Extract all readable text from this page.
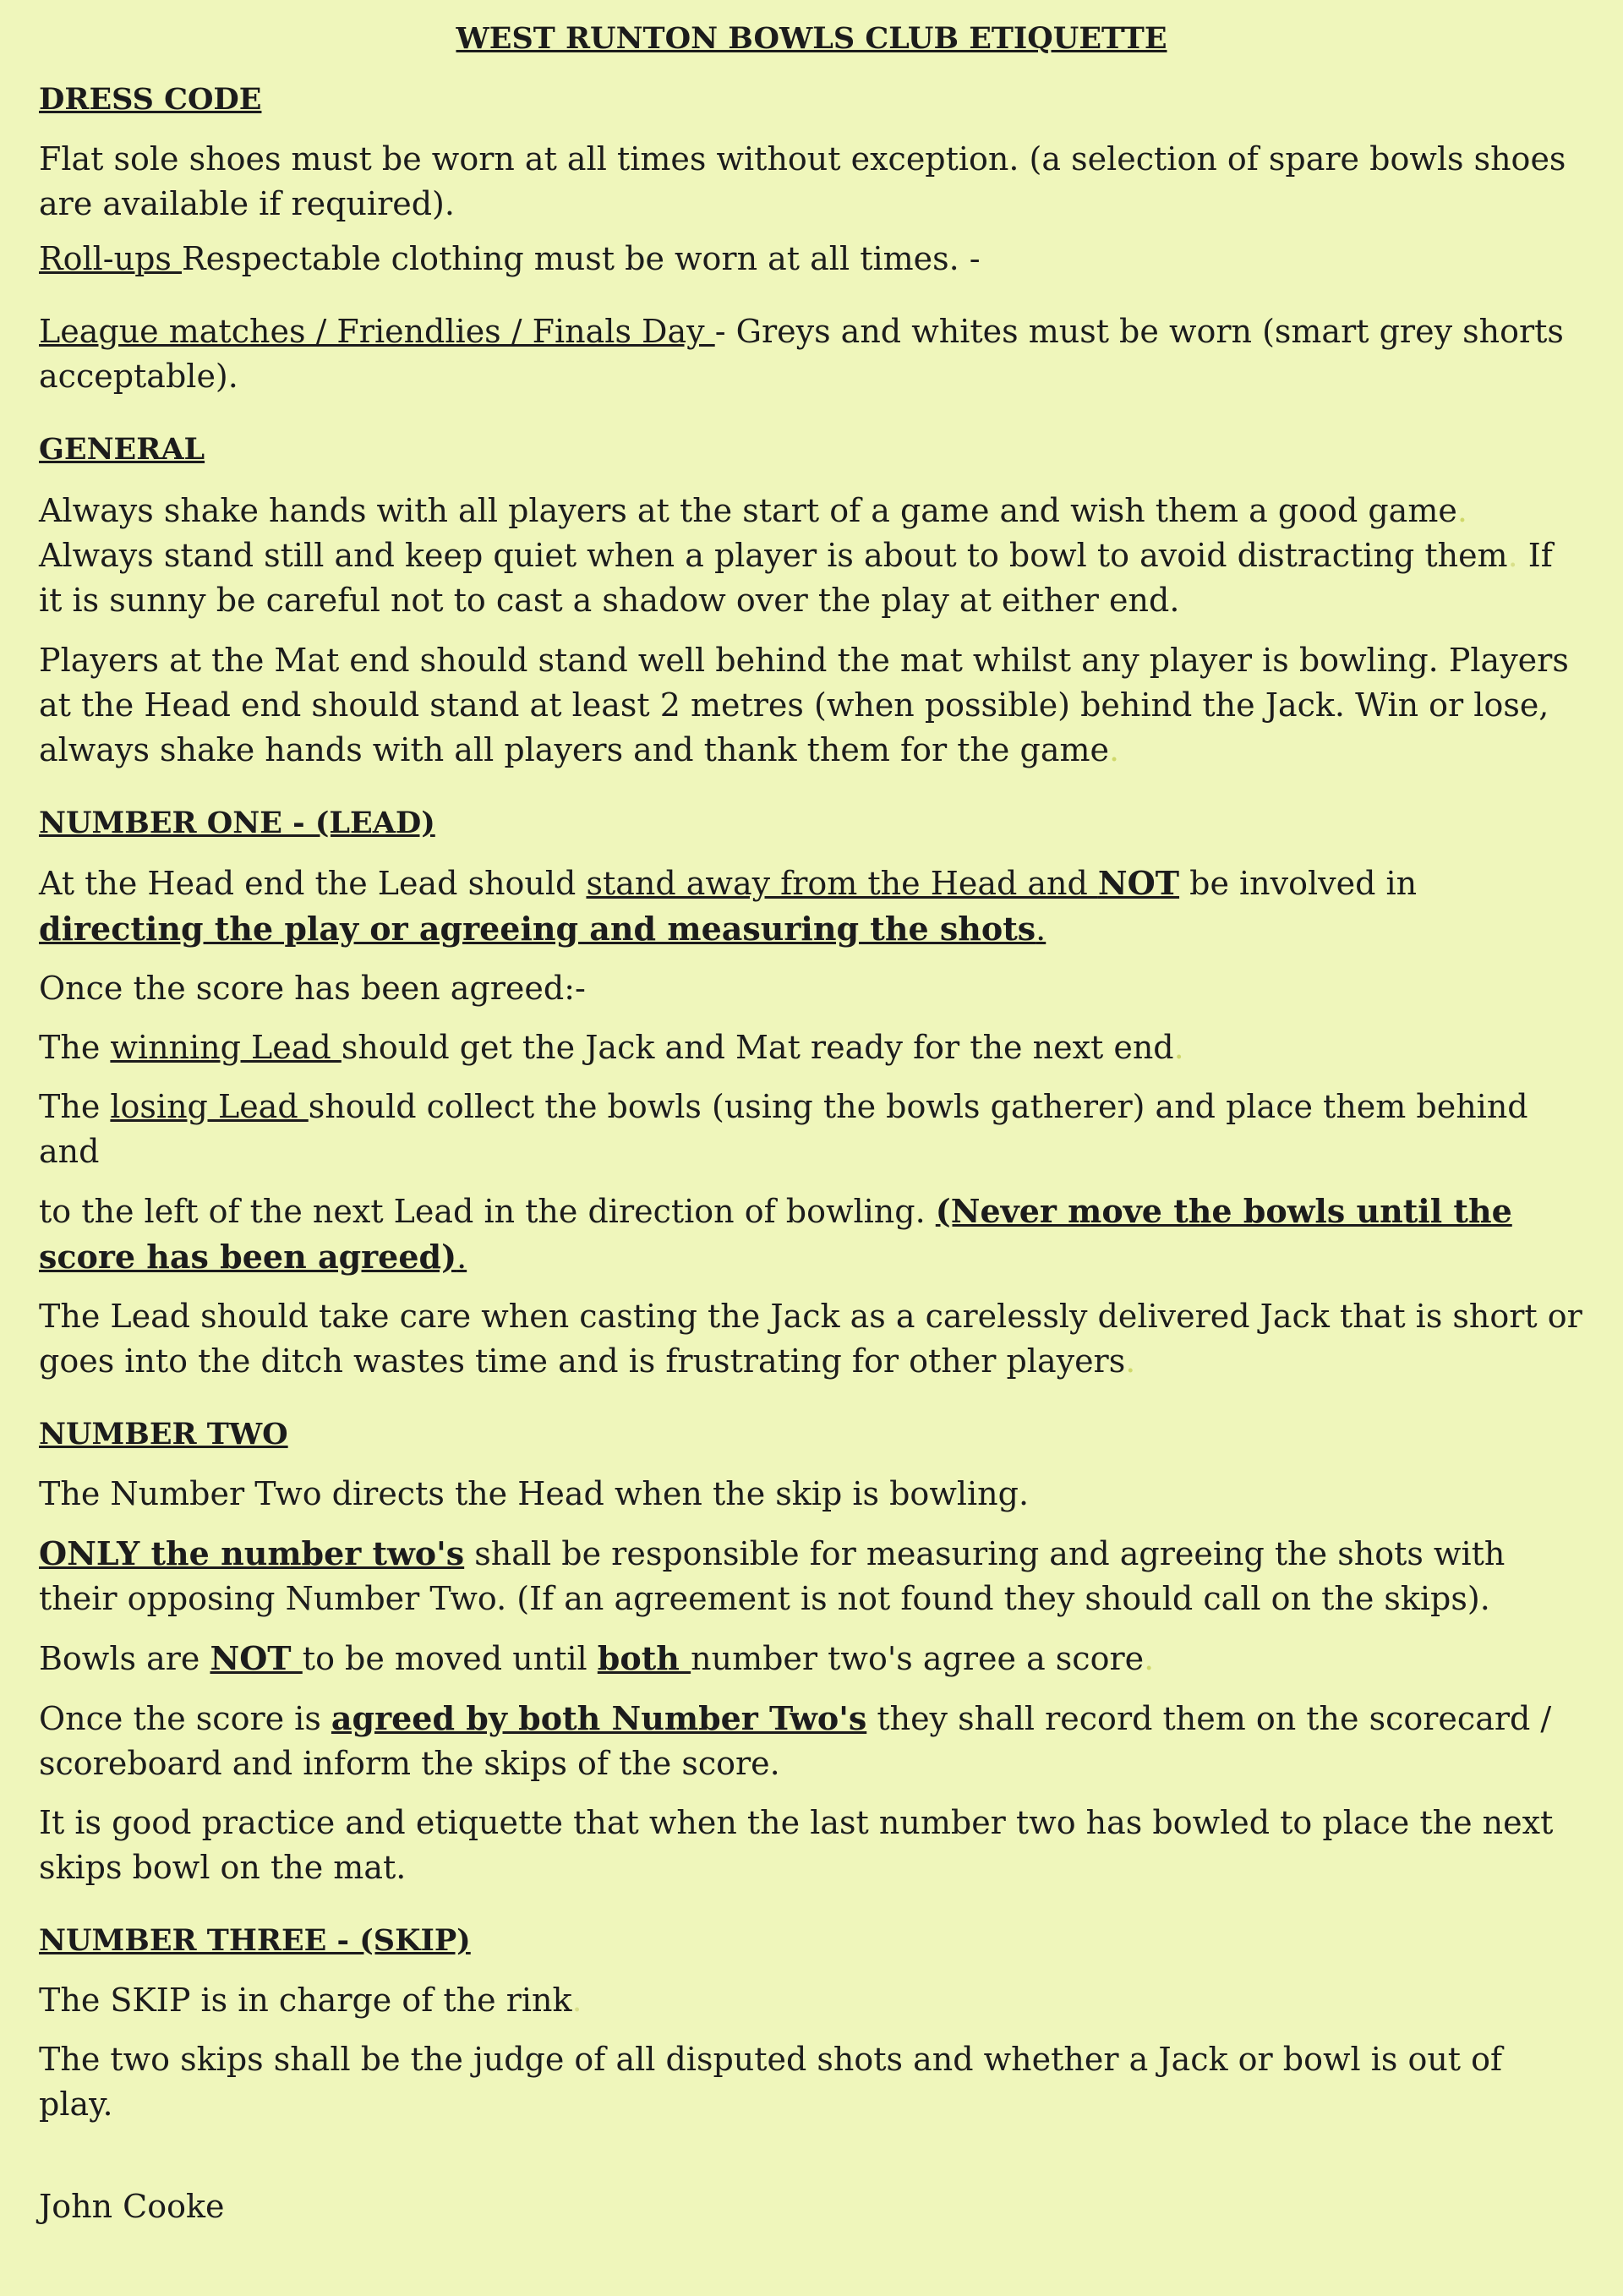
WEST RUNTON BOWLS CLUB ETIQUETTE
DRESS CODE

Flat sole shoes must be worn at all times without exception. (a selection of spare bowls shoes are available if required).

Roll-ups Respectable clothing must be worn at all times. -

League matches / Friendlies / Finals Day - Greys and whites must be worn (smart grey shorts acceptable).

GENERAL

Always shake hands with all players at the start of a game and wish them a good game. Always stand still and keep quiet when a player is about to bowl to avoid distracting them. If it is sunny be careful not to cast a shadow over the play at either end.

Players at the Mat end should stand well behind the mat whilst any player is bowling. Players at the Head end should stand at least 2 metres (when possible) behind the Jack. Win or lose, always shake hands with all players and thank them for the game.

NUMBER ONE - (LEAD)

At the Head end the Lead should stand away from the Head and NOT be involved in directing the play or agreeing and measuring the shots.

Once the score has been agreed:-

The winning Lead should get the Jack and Mat ready for the next end.

The losing Lead should collect the bowls (using the bowls gatherer) and place them behind and

to the left of the next Lead in the direction of bowling. (Never move the bowls until the score has been agreed).

The Lead should take care when casting the Jack as a carelessly delivered Jack that is short or goes into the ditch wastes time and is frustrating for other players.

NUMBER TWO

The Number Two directs the Head when the skip is bowling.

ONLY the number two's shall be responsible for measuring and agreeing the shots with their opposing Number Two. (If an agreement is not found they should call on the skips).

Bowls are NOT to be moved until both number two's agree a score.

Once the score is agreed by both Number Two's they shall record them on the scorecard / scoreboard and inform the skips of the score.

It is good practice and etiquette that when the last number two has bowled to place the next skips bowl on the mat.

NUMBER THREE - (SKIP)

The SKIP is in charge of the rink.

The two skips shall be the judge of all disputed shots and whether a Jack or bowl is out of play.

John Cooke
